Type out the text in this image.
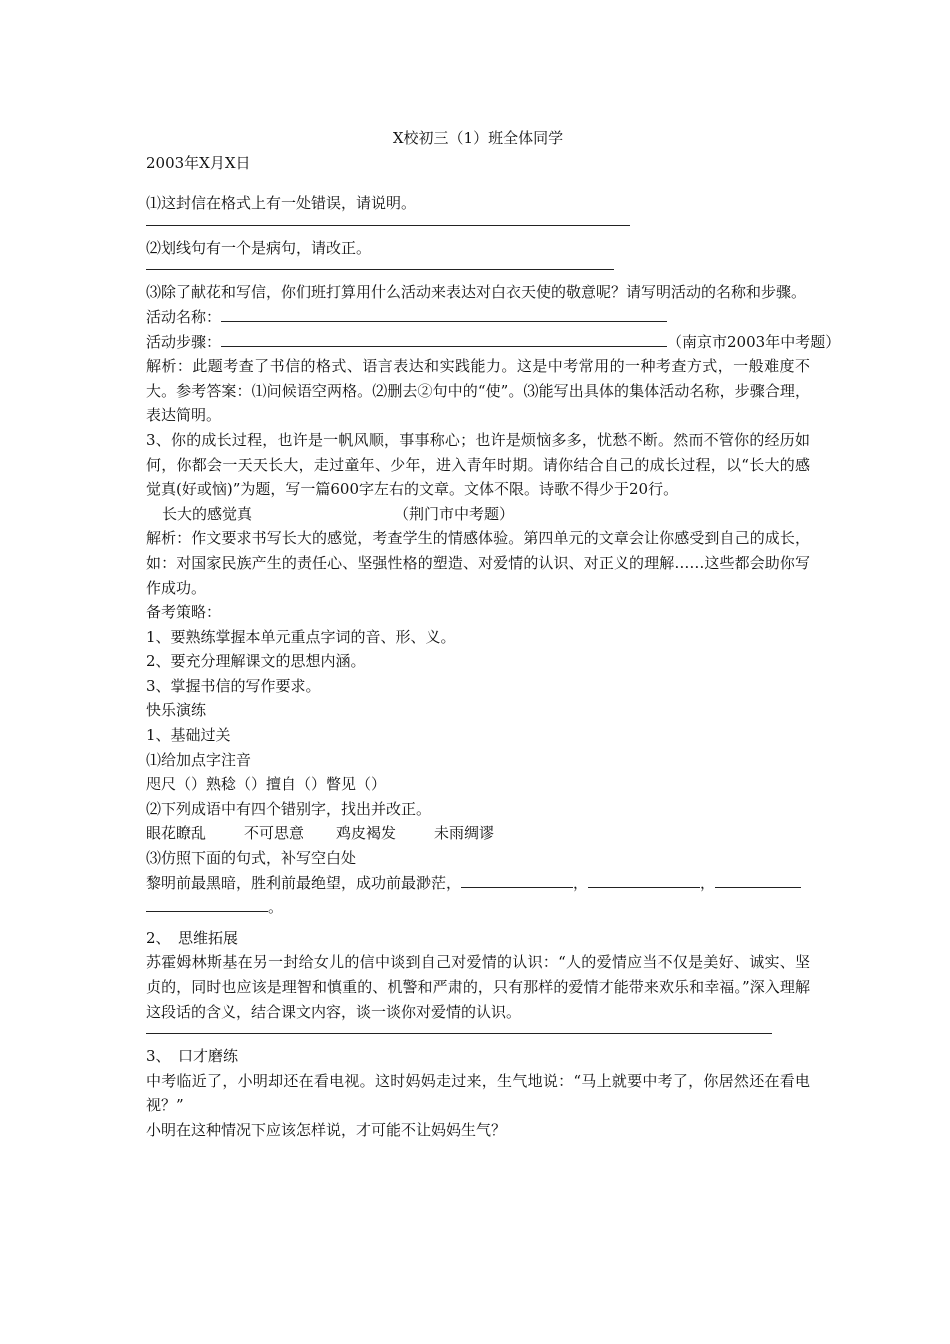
X校初三（1）班全体同学
2003年X月X日
⑴这封信在格式上有一处错误，请说明。
⑵划线句有一个是病句，请改正。
⑶除了献花和写信，你们班打算用什么活动来表达对白衣天使的敬意呢？请写明活动的名称和步骤。
活动名称：
活动步骤：	（南京市2003年中考题）
解析：此题考查了书信的格式、语言表达和实践能力。这是中考常用的一种考查方式，一般难度不大。参考答案：⑴问候语空两格。⑵删去②句中的“使”。⑶能写出具体的集体活动名称，步骤合理，表达简明。
3、你的成长过程，也许是一帆风顺，事事称心；也许是烦恼多多，忧愁不断。然而不管你的经历如何，你都会一天天长大，走过童年、少年，进入青年时期。请你结合自己的成长过程，以“长大的感觉真(好或恼)”为题，写一篇600字左右的文章。文体不限。诗歌不得少于20行。
长大的感觉真	（荆门市中考题）
解析：作文要求书写长大的感觉，考查学生的情感体验。第四单元的文章会让你感受到自己的成长，如：对国家民族产生的责任心、坚强性格的塑造、对爱情的认识、对正义的理解……这些都会助你写作成功。
备考策略：
1、要熟练掌握本单元重点字词的音、形、义。
2、要充分理解课文的思想内涵。
3、掌握书信的写作要求。
快乐演练
1、基础过关
⑴给加点字注音
咫尺（）熟稔（）擅自（）瞥见（）
⑵下列成语中有四个错别字，找出并改正。
眼花瞭乱	不可思意 鸡皮褐发	未雨绸谬
⑶仿照下面的句式，补写空白处
黎明前最黑暗，胜利前最绝望，成功前最渺茫，	，	，
。
2、　思维拓展
苏霍姆林斯基在另一封给女儿的信中谈到自己对爱情的认识：“人的爱情应当不仅是美好、诚实、坚贞的，同时也应该是理智和慎重的、机警和严肃的，只有那样的爱情才能带来欢乐和幸福。”深入理解这段话的含义，结合课文内容，谈一谈你对爱情的认识。
3、　口才磨练
中考临近了，小明却还在看电视。这时妈妈走过来，生气地说：“马上就要中考了，你居然还在看电视？”
小明在这种情况下应该怎样说，才可能不让妈妈生气？
